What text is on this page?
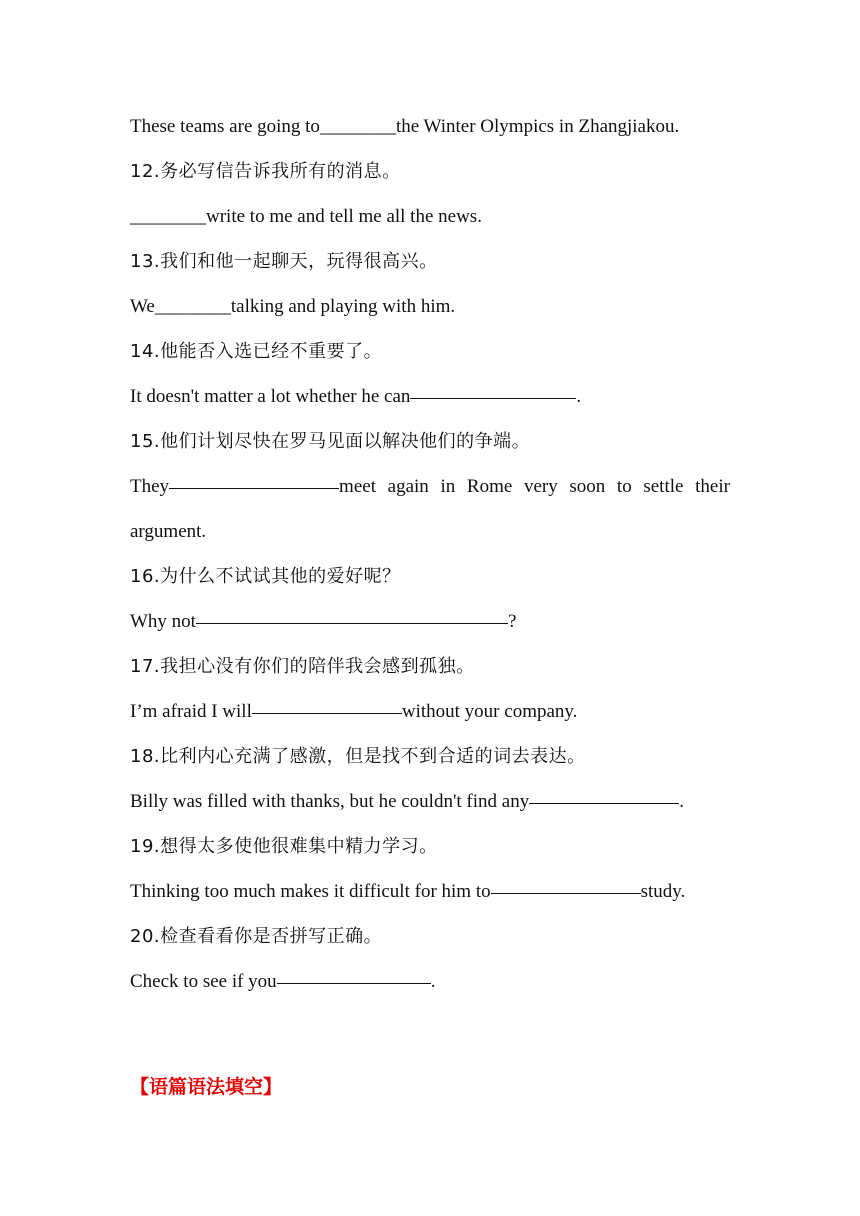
These teams are going to________the Winter Olympics in Zhangjiakou.
12.务必写信告诉我所有的消息。
________write to me and tell me all the news.
13.我们和他一起聊天，玩得很高兴。
We________talking and playing with him.
14.他能否入选已经不重要了。
It doesn't matter a lot whether he can	.
15.他们计划尽快在罗马见面以解决他们的争端。
They	meet again in Rome very soon to settle their
argument.
16.为什么不试试其他的爱好呢？
Why not	?
17.我担心没有你们的陪伴我会感到孤独。
I’m afraid I will	without your company.
18.比利内心充满了感激，但是找不到合适的词去表达。
Billy was filled with thanks, but he couldn't find any	.
19.想得太多使他很难集中精力学习。
Thinking too much makes it difficult for him to	study.
20.检查看看你是否拼写正确。
Check to see if you	.
【语篇语法填空】
